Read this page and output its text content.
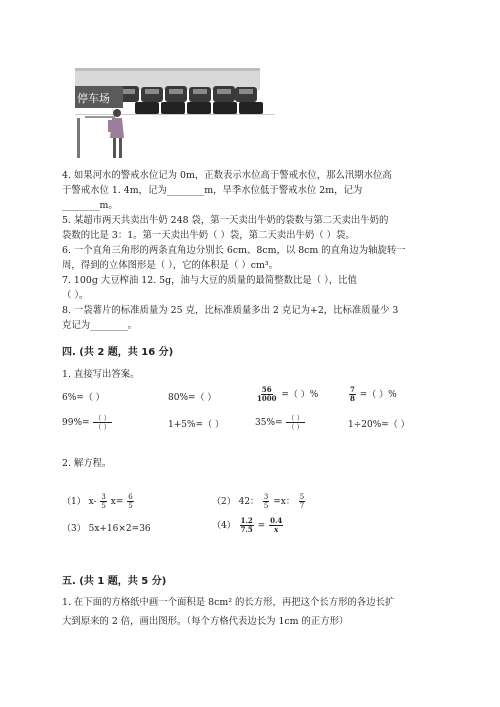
停车场
4. 如果河水的警戒水位记为 0m，正数表示水位高于警戒水位，那么汛期水位高
于警戒水位 1. 4m，记为________m，旱季水位低于警戒水位 2m，记为
________m。
5. 某超市两天共卖出牛奶 248 袋，第一天卖出牛奶的袋数与第二天卖出牛奶的
袋数的比是 3：1。第一天卖出牛奶（ ）袋，第二天卖出牛奶（ ）袋。
6. 一个直角三角形的两条直角边分别长 6cm、8cm，以 8cm 的直角边为轴旋转一
周，得到的立体图形是（ ），它的体积是（ ）cm³。
7. 100g 大豆榨油 12. 5g，油与大豆的质量的最简整数比是（ ），比值
（ ）。
8. 一袋薯片的标准质量为 25 克，比标准质量多出 2 克记为+2，比标准质量少 3
克记为________。
四. (共 2 题，共 16 分)
1. 直接写出答案。
6%=（ ）	80%=（ ）	$\frac{56}{1000}$ =（ ）%	$\frac{7}{8}$ =（ ）%
$99\%= \frac{( )}{( )}$	1+5%=（ ）	$35\%= \frac{( )}{( )}$	1÷20%=（ ）
2. 解方程。
（1） $x- \frac{3}{5} x= \frac{6}{5}$	（2） 42： $\frac{3}{5} =x$： $\frac{5}{7}$
（3） 5x+16×2=36	$(4) \frac{1.2}{7.5} = \frac{0.4}{x}$
五. (共 1 题，共 5 分)
1. 在下面的方格纸中画一个面积是 8cm² 的长方形，再把这个长方形的各边长扩
大到原来的 2 倍，画出图形。（每个方格代表边长为 1cm 的正方形）
